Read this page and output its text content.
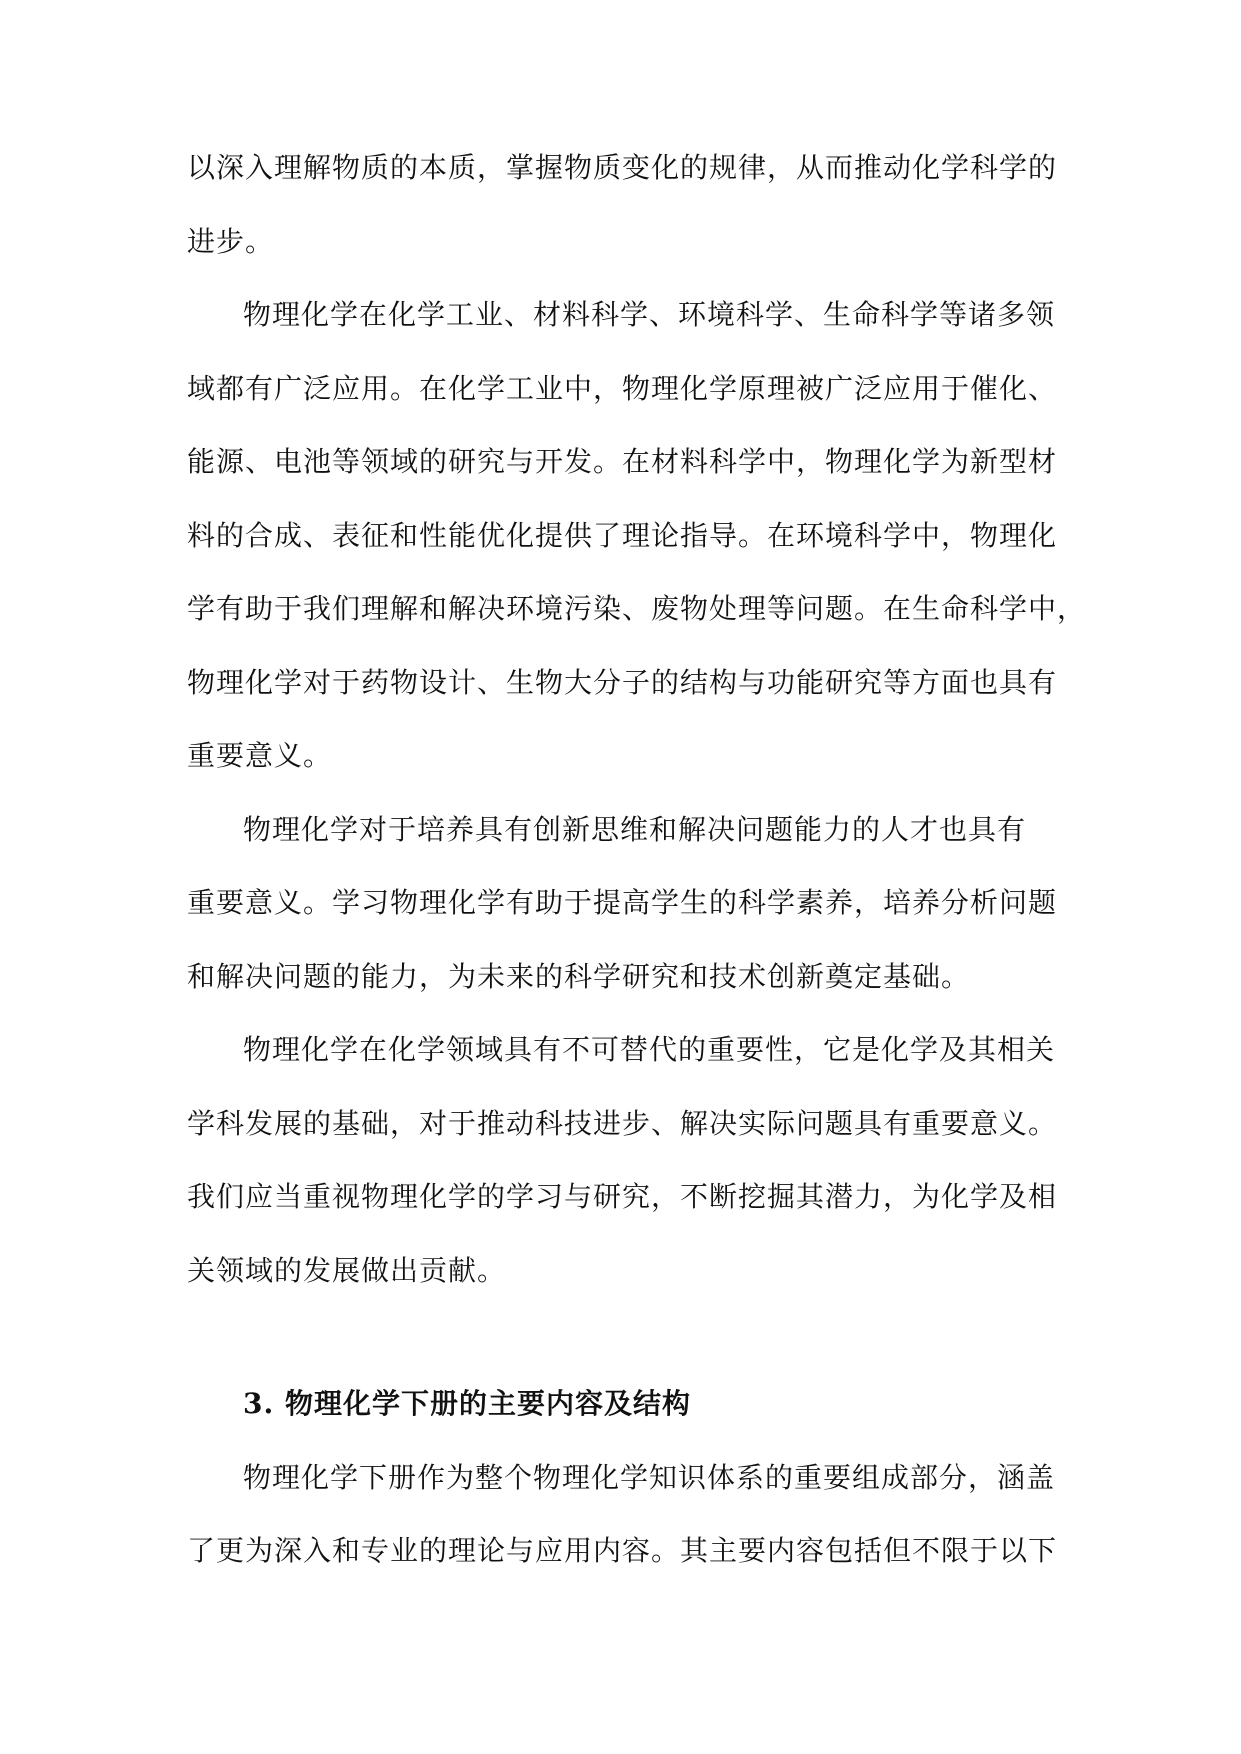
以深入理解物质的本质，掌握物质变化的规律，从而推动化学科学的
进步。
物理化学在化学工业、材料科学、环境科学、生命科学等诸多领
域都有广泛应用。在化学工业中，物理化学原理被广泛应用于催化、
能源、电池等领域的研究与开发。在材料科学中，物理化学为新型材
料的合成、表征和性能优化提供了理论指导。在环境科学中，物理化
学有助于我们理解和解决环境污染、废物处理等问题。在生命科学中，
物理化学对于药物设计、生物大分子的结构与功能研究等方面也具有
重要意义。
物理化学对于培养具有创新思维和解决问题能力的人才也具有
重要意义。学习物理化学有助于提高学生的科学素养，培养分析问题
和解决问题的能力，为未来的科学研究和技术创新奠定基础。
物理化学在化学领域具有不可替代的重要性，它是化学及其相关
学科发展的基础，对于推动科技进步、解决实际问题具有重要意义。
我们应当重视物理化学的学习与研究，不断挖掘其潜力，为化学及相
关领域的发展做出贡献。
3. 物理化学下册的主要内容及结构
物理化学下册作为整个物理化学知识体系的重要组成部分，涵盖
了更为深入和专业的理论与应用内容。其主要内容包括但不限于以下
